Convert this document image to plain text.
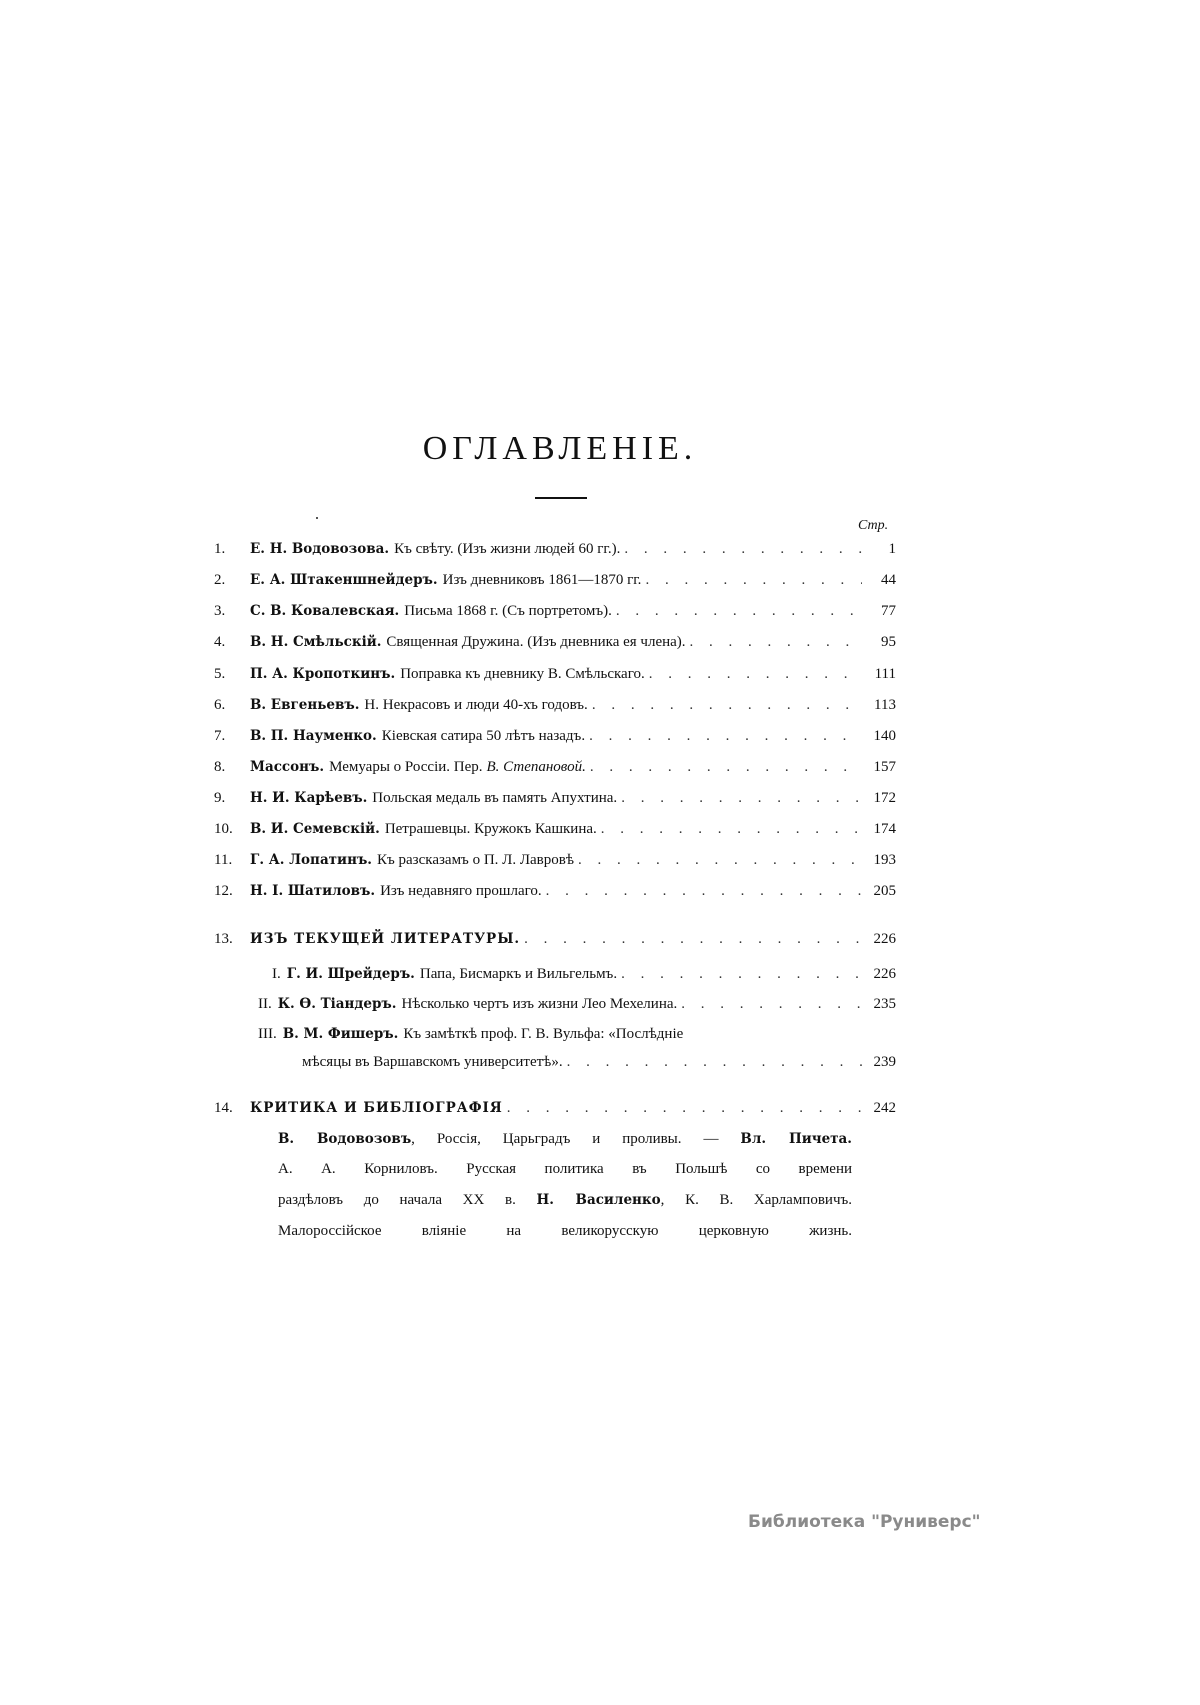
ОГЛАВЛЕНІЕ.
Стр.
1.	Е. Н. Водовозова. Къ свѣту. (Изъ жизни людей 60 гг.). . . .	1
2.	Е. А. Штакеншнейдеръ. Изъ дневниковъ 1861—1870 гг. . . .	44
3.	С. В. Ковалевская. Письма 1868 г. (Съ портретомъ). . . .	77
4.	В. Н. Смѣльскій. Священная Дружина. (Изъ дневника ея члена). . . .	95
5.	П. А. Кропоткинъ. Поправка къ дневнику В. Смѣльскаго. . . .	111
6.	В. Евгеньевъ. Н. Некрасовъ и люди 40-хъ годовъ. . . .	113
7.	В. П. Науменко. Кіевская сатира 50 лѣтъ назадъ. . . .	140
8.	Массонъ. Мемуары о Россіи. Пер. В. Степановой. . . .	157
9.	Н. И. Карѣевъ. Польская медаль въ память Апухтина. . . .	172
10.	В. И. Семевскій. Петрашевцы. Кружокъ Кашкина. . . .	174
11.	Г. А. Лопатинъ. Къ разсказамъ о П. Л. Лавровѣ . . .	193
12.	Н. І. Шатиловъ. Изъ недавняго прошлаго. . . .	205
13.	ИЗЪ ТЕКУЩЕЙ ЛИТЕРАТУРЫ. . . .	226
I. Г. И. Шрейдеръ. Папа, Бисмаркъ и Вильгельмъ. . . .	226
II. К. Ѳ. Тіандеръ. Нѣсколько чертъ изъ жизни Лео Мехелина. . . .	235
III. В. М. Фишеръ. Къ замѣткѣ проф. Г. В. Вульфа: «Послѣдніе
мѣсяцы въ Варшавскомъ университетѣ». . . .	239
14.	КРИТИКА И БИБЛІОГРАФІЯ . . .	242
В. Водовозовъ, Россія, Царьградъ и проливы. — Вл. Пичета.
А. А. Корниловъ. Русская политика въ Польшѣ со времени
раздѣловъ до начала XX в. Н. Василенко, К. В. Харламповичъ.
Малороссійское вліяніе на великорусскую церковную жизнь.
Библиотека "Руниверс"
